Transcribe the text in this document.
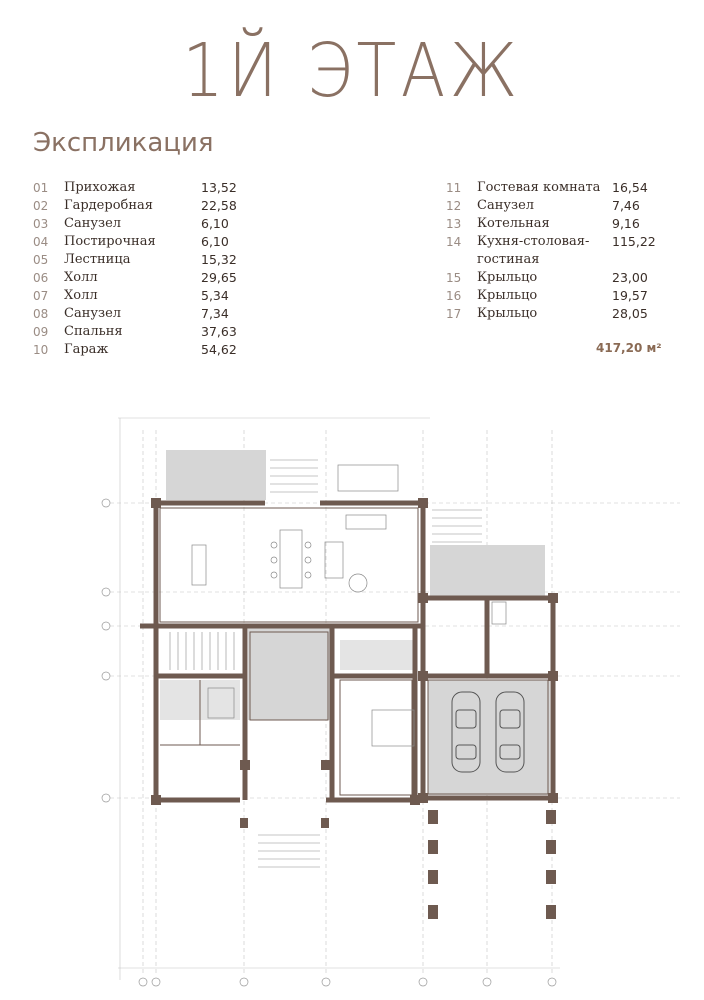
1Й ЭТАЖ
Экспликация
01 Прихожая	13,52
02 Гардеробная	22,58
03 Санузел	6,10
04 Постирочная	6,10
05 Лестница	15,32
06 Холл	29,65
07 Холл	5,34
08 Санузел	7,34
09 Спальня	37,63
10 Гараж	54,62
11 Гостевая комната 16,54
12 Санузел	7,46
13 Котельная	9,16
14 Кухня-столовая-гостиная
115,22
15 Крыльцо	23,00
16 Крыльцо	19,57
17 Крыльцо	28,05
417,20 м²
